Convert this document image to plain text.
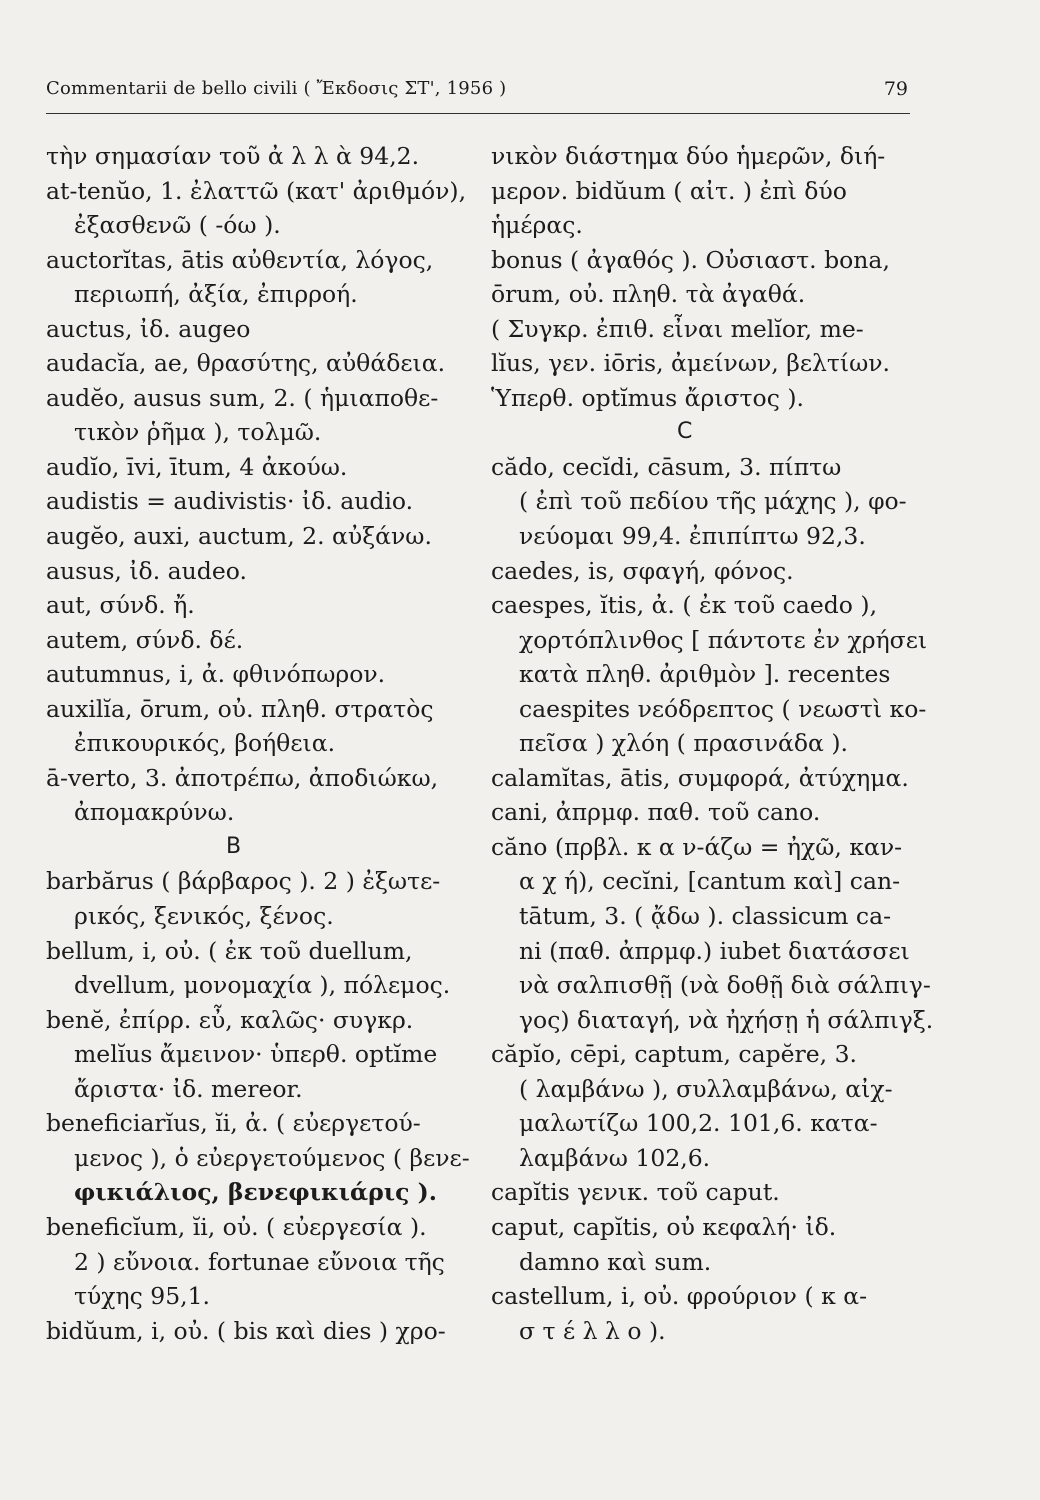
Commentarii de bello civili ( Ἔκδοσις ΣΤ', 1956 )	79
τὴν σημασίαν τοῦ ἀ λ λ ὰ 94,2.
at-tenŭo, 1. ἐλαττῶ (κατ' ἀριθμόν),
ἐξασθενῶ ( -όω ).
auctorĭtas, ātis αὐθεντία, λόγος,
περιωπή, ἀξία, ἐπιρροή.
auctus, ἰδ. augeo
audacĭa, ae, θρασύτης, αὐθάδεια.
audĕo, ausus sum, 2. ( ἡμιαποθε-
τικὸν ῥῆμα ), τολμῶ.
audĭo, īvi, ītum, 4 ἀκούω.
audistis = audivistis· ἰδ. audio.
augĕo, auxi, auctum, 2. αὐξάνω.
ausus, ἰδ. audeo.
aut, σύνδ. ἤ.
autem, σύνδ. δέ.
autumnus, i, ἀ. φθινόπωρον.
auxilĭa, ōrum, οὐ. πληθ. στρατὸς
ἐπικουρικός, βοήθεια.
ā-verto, 3. ἀποτρέπω, ἀποδιώκω,
ἀπομακρύνω.
B
barbărus ( βάρβαρος ). 2 ) ἐξωτε-
ρικός, ξενικός, ξένος.
bellum, i, οὐ. ( ἐκ τοῦ duellum,
dvellum, μονομαχία ), πόλεμος.
benĕ, ἐπίρρ. εὖ, καλῶς· συγκρ.
melĭus ἄμεινον· ὑπερθ. optĭme
ἄριστα· ἰδ. mereor.
beneficiarĭus, ĭi, ἀ. ( εὐεργετού-
μενος ), ὁ εὐεργετούμενος ( βενε-
φικιάλιος, βενεφικιάρις ).
beneficĭum, ĭi, οὐ. ( εὐεργεσία ).
2 ) εὔνοια. fortunae εὔνοια τῆς
τύχης 95,1.
bidŭum, i, οὐ. ( bis καὶ dies ) χρο-
νικὸν διάστημα δύο ἡμερῶν, διή-
μερον. bidŭum ( αἰτ. ) ἐπὶ δύο
ἡμέρας.
bonus ( ἀγαθός ). Οὐσιαστ. bona,
ōrum, οὐ. πληθ. τὰ ἀγαθά.
( Συγκρ. ἐπιθ. εἶναι melĭor, me-
lĭus, γεν. iōris, ἀμείνων, βελτίων.
Ὑπερθ. optĭmus ἄριστος ).
C
cădo, cecĭdi, cāsum, 3. πίπτω
( ἐπὶ τοῦ πεδίου τῆς μάχης ), φο-
νεύομαι 99,4. ἐπιπίπτω 92,3.
caedes, is, σφαγή, φόνος.
caespes, ĭtis, ἀ. ( ἐκ τοῦ caedo ),
χορτόπλινθος [ πάντοτε ἐν χρήσει
κατὰ πληθ. ἀριθμὸν ]. recentes
caespites νεόδρεπτος ( νεωστὶ κο-
πεῖσα ) χλόη ( πρασινάδα ).
calamĭtas, ātis, συμφορά, ἀτύχημα.
cani, ἀπρμφ. παθ. τοῦ cano.
căno (πρβλ. κ α ν-άζω = ἠχῶ, καν-
α χ ή), cecĭni, [cantum καὶ] can-
tātum, 3. ( ᾄδω ). classicum ca-
ni (παθ. ἀπρμφ.) iubet διατάσσει
νὰ σαλπισθῇ (νὰ δοθῇ διὰ σάλπιγ-
γος) διαταγή, νὰ ἠχήσῃ ἡ σάλπιγξ.
căpĭo, cēpi, captum, capĕre, 3.
( λαμβάνω ), συλλαμβάνω, αἰχ-
μαλωτίζω 100,2. 101,6. κατα-
λαμβάνω 102,6.
capĭtis γενικ. τοῦ caput.
caput, capĭtis, οὐ κεφαλή· ἰδ.
damno καὶ sum.
castellum, i, οὐ. φρούριον ( κ α-
σ τ έ λ λ ο ).
